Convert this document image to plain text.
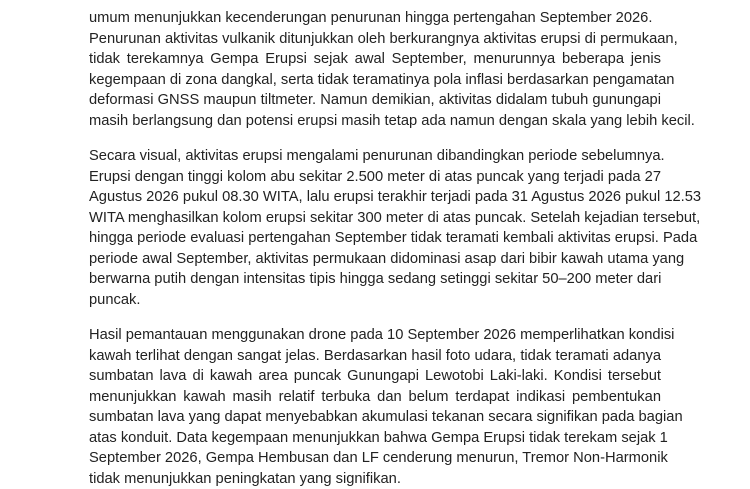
umum menunjukkan kecenderungan penurunan hingga pertengahan September 2026.
Penurunan aktivitas vulkanik ditunjukkan oleh berkurangnya aktivitas erupsi di permukaan,
tidak terekamnya Gempa Erupsi sejak awal September, menurunnya beberapa jenis
kegempaan di zona dangkal, serta tidak teramatinya pola inflasi berdasarkan pengamatan
deformasi GNSS maupun tiltmeter. Namun demikian, aktivitas didalam tubuh gunungapi
masih berlangsung dan potensi erupsi masih tetap ada namun dengan skala yang lebih kecil.
Secara visual, aktivitas erupsi mengalami penurunan dibandingkan periode sebelumnya.
Erupsi dengan tinggi kolom abu sekitar 2.500 meter di atas puncak yang terjadi pada 27
Agustus 2026 pukul 08.30 WITA, lalu erupsi terakhir terjadi pada 31 Agustus 2026 pukul 12.53
WITA menghasilkan kolom erupsi sekitar 300 meter di atas puncak. Setelah kejadian tersebut,
hingga periode evaluasi pertengahan September tidak teramati kembali aktivitas erupsi. Pada
periode awal September, aktivitas permukaan didominasi asap dari bibir kawah utama yang
berwarna putih dengan intensitas tipis hingga sedang setinggi sekitar 50–200 meter dari
puncak.
Hasil pemantauan menggunakan drone pada 10 September 2026 memperlihatkan kondisi
kawah terlihat dengan sangat jelas. Berdasarkan hasil foto udara, tidak teramati adanya
sumbatan lava di kawah area puncak Gunungapi Lewotobi Laki-laki. Kondisi tersebut
menunjukkan kawah masih relatif terbuka dan belum terdapat indikasi pembentukan
sumbatan lava yang dapat menyebabkan akumulasi tekanan secara signifikan pada bagian
atas konduit. Data kegempaan menunjukkan bahwa Gempa Erupsi tidak terekam sejak 1
September 2026, Gempa Hembusan dan LF cenderung menurun, Tremor Non-Harmonik
tidak menunjukkan peningkatan yang signifikan.
